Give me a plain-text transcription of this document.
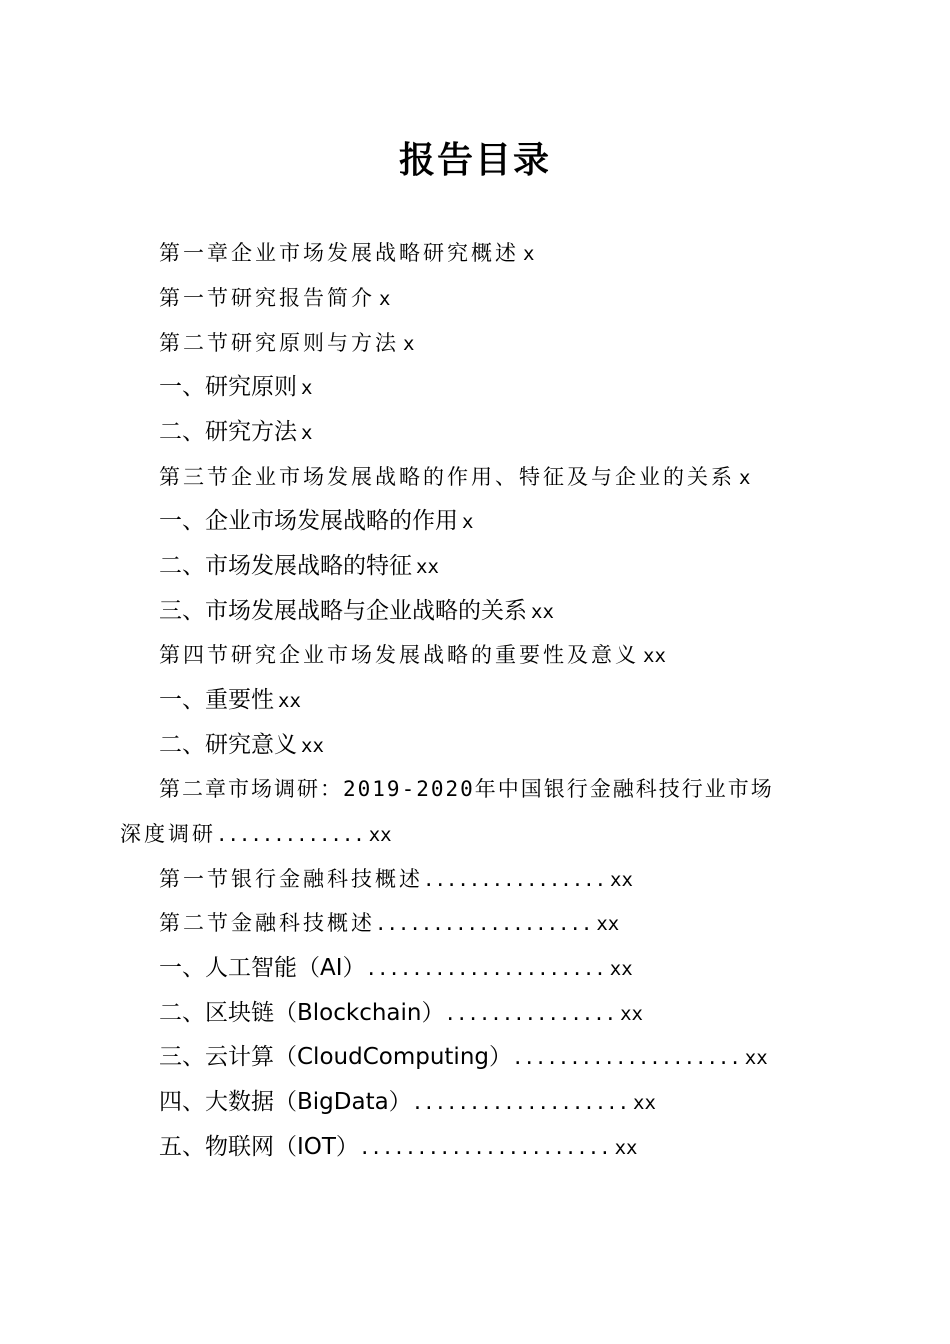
报告目录
第一章企业市场发展战略研究概述 x
第一节研究报告简介 x
第二节研究原则与方法 x
一、研究原则 x
二、研究方法 x
第三节企业市场发展战略的作用、特征及与企业的关系 x
一、企业市场发展战略的作用 x
二、市场发展战略的特征 xx
三、市场发展战略与企业战略的关系 xx
第四节研究企业市场发展战略的重要性及意义 xx
一、重要性 xx
二、研究意义 xx
第二章市场调研：2019-2020年中国银行金融科技行业市场
深度调研............. xx
第一节银行金融科技概述................ xx
第二节金融科技概述................... xx
一、人工智能（AI）..................... xx
二、区块链（Blockchain）............... xx
三、云计算（CloudComputing）.................... xx
四、大数据（BigData）................... xx
五、物联网（IOT）...................... xx
